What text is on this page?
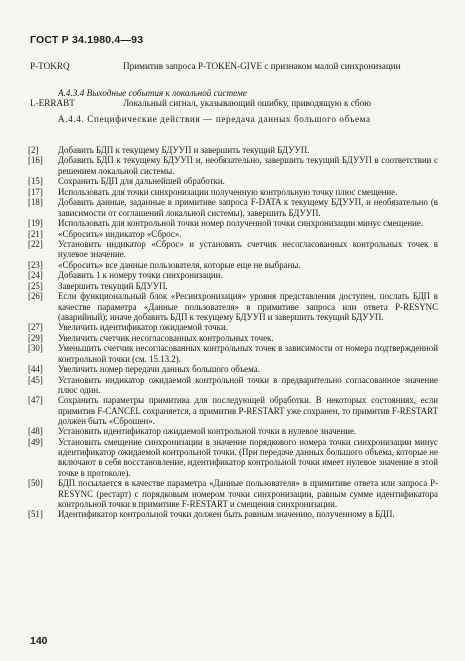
ГОСТ Р 34.1980.4—93
P-TOKRQ	Примитив запроса P-TOKEN-GIVE с признаком малой синхронизации
A.4.3.4 Выходные события к локальной системе
L-ERRABT	Локальный сигнал, указывающий ошибку, приводящую к сбою
А.4.4. Специфические действия — передача данных большого объема
[2]	Добавить БДП к текущему БДУУП и завершить текущий БДУУП.
[16]	Добавить БДП к текущему БДУУП и, необязательно, завершить текущий БДУУП в соответствии с решением локальной системы.
[15]	Сохранить БДП для дальнейшей обработки.
[17]	Использовать для точки синхронизации полученную контрольную точку плюс смещение.
[18]	Добавить данные, заданные в примитиве запроса F-DATA к текущему БДУУП, и необязательно (в зависимости от соглашений локальной системы), завершить БДУУП.
[19]	Использовать для контрольной точки номер полученной точки синхронизации минус смещение.
[21]	«Сбросить» индикатор «Сброс».
[22]	Установить индикатор «Сброс» и установить счетчик несогласованных контрольных точек в нулевое значение.
[23]	«Сбросить» все данные пользователя, которые еще не выбраны.
[24]	Добавить 1 к номеру точки синхронизации.
[25]	Завершить текущий БДУУП.
[26]	Если функциональный блок «Ресинхронизация» уровня представления доступен, послать БДП в качестве параметра «Данные пользователя» в примитиве запроса или ответа P-RESYNC (аварийный); иначе добавить БДП к текущему БДУУП и завершить текущий БДУУП.
[27]	Увеличить идентификатор ожидаемой точки.
[29]	Увеличить счетчик несогласованных контрольных точек.
[30]	Уменьшить счетчик несогласованных контрольных точек в зависимости от номера подтвержденной контрольной точки (см. 15.13.2).
[44]	Увеличить номер передачи данных большого объема.
[45]	Установить индикатор ожидаемой контрольной точки в предварительно согласованное значение плюс один.
[47]	Сохранить параметры примитива для последующей обработки. В некоторых состояниях, если примитив F-CANCEL сохраняется, а примитив P-RESTART уже сохранен, то примитив F-RESTART должен быть «Сброшен».
[48]	Установить идентификатор ожидаемой контрольной точки в нулевое значение.
[49]	Установить смещение синхронизации в значение порядкового номера точки синхронизации минус идентификатор ожидаемой контрольной точки. (При передаче данных большого объема, которые не включают в себя восстановление, идентификатор контрольной точки имеет нулевое значение в этой точке в протоколе).
[50]	БДП посылается в качестве параметра «Данные пользователя» в примитиве ответа или запроса P-RESYNC (рестарт) с порядковым номером точки синхронизации, равным сумме идентификатора контрольной точки в примитиве F-RESTART и смещения синхронизации.
[51]	Идентификатор контрольной точки должен быть равным значению, полученному в БДП.
140
